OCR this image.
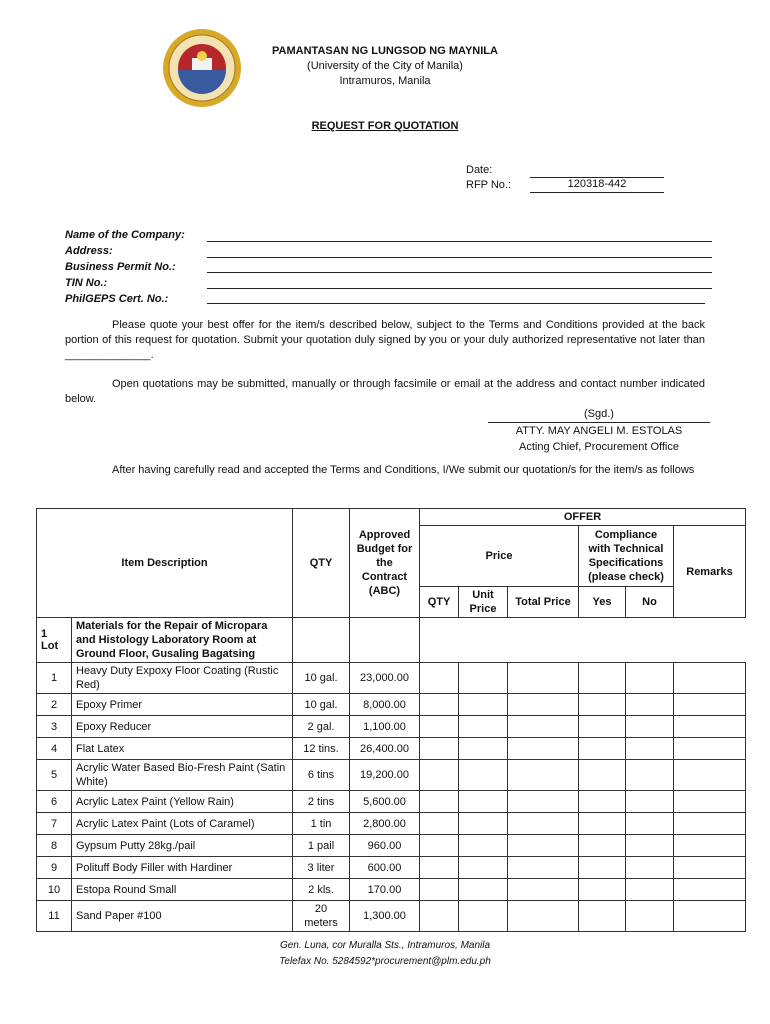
PAMANTASAN NG LUNGSOD NG MAYNILA
(University of the City of Manila)
Intramuros, Manila
REQUEST FOR QUOTATION
Date:
RFP No.:	120318-442
Name of the Company:
Address:
Business Permit No.:
TIN No.:
PhilGEPS Cert. No.:
Please quote your best offer for the item/s described below, subject to the Terms and Conditions provided at the back portion of this request for quotation. Submit your quotation duly signed by you or your duly authorized representative not later than ______________.
Open quotations may be submitted, manually or through facsimile or email at the address and contact number indicated below.
(Sgd.)
ATTY. MAY ANGELI M. ESTOLAS
Acting Chief, Procurement Office
After having carefully read and accepted the Terms and Conditions, I/We submit our quotation/s for the item/s as follows
Item Description		QTY	Approved Budget for the Contract (ABC)	OFFER					
				Price			Compliance with Technical Specifications (please check)		Remarks
				QTY	Unit Price	Total Price	Yes	No	
1 Lot	Materials for the Repair of Micropara and Histology Laboratory Room at Ground Floor, Gusaling Bagatsing								
1	Heavy Duty Expoxy Floor Coating (Rustic Red)	10 gal.	23,000.00						
2	Epoxy Primer	10 gal.	8,000.00						
3	Epoxy Reducer	2 gal.	1,100.00						
4	Flat Latex	12 tins.	26,400.00						
5	Acrylic Water Based Bio-Fresh Paint (Satin White)	6 tins	19,200.00						
6	Acrylic Latex Paint (Yellow Rain)	2 tins	5,600.00						
7	Acrylic Latex Paint (Lots of Caramel)	1 tin	2,800.00						
8	Gypsum Putty 28kg./pail	1 pail	960.00						
9	Polituff Body Filler with Hardiner	3 liter	600.00						
10	Estopa Round Small	2 kls.	170.00						
11	Sand Paper #100	20 meters	1,300.00						
Gen. Luna, cor Muralla Sts., Intramuros, Manila
Telefax No. 5284592*procurement@plm.edu.ph
